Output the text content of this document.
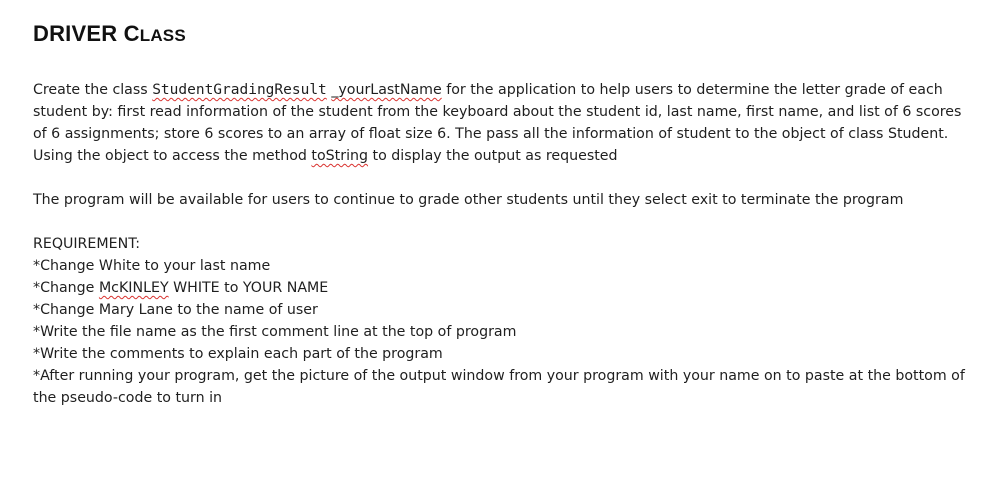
DRIVER CLASS

Create the class StudentGradingResult _yourLastName for the application to help users to determine the letter grade of each student by: first read information of the student from the keyboard about the student id, last name, first name, and list of 6 scores of 6 assignments; store 6 scores to an array of float size 6. The pass all the information of student to the object of class Student.

Using the object to access the method toString to display the output as requested

The program will be available for users to continue to grade other students until they select exit to terminate the program

REQUIREMENT:

*Change White to your last name

*Change McKINLEY WHITE to YOUR NAME

*Change Mary Lane to the name of user

*Write the file name as the first comment line at the top of program

*Write the comments to explain each part of the program

*After running your program, get the picture of the output window from your program with your name on to paste at the bottom of the pseudo-code to turn in
